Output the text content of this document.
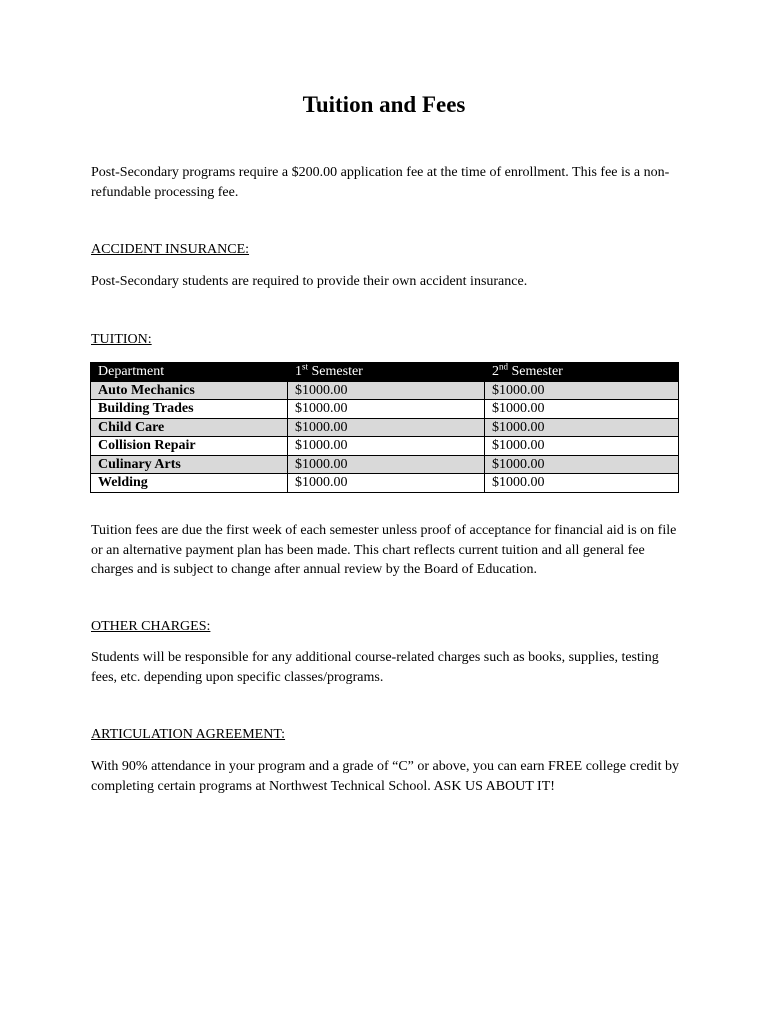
Tuition and Fees

Post-Secondary programs require a $200.00 application fee at the time of enrollment. This fee is a non-refundable processing fee.

ACCIDENT INSURANCE:

Post-Secondary students are required to provide their own accident insurance.

TUITION:

Department	1st Semester	2nd Semester
Auto Mechanics	$1000.00	$1000.00
Building Trades	$1000.00	$1000.00
Child Care	$1000.00	$1000.00
Collision Repair	$1000.00	$1000.00
Culinary Arts	$1000.00	$1000.00
Welding	$1000.00	$1000.00

Tuition fees are due the first week of each semester unless proof of acceptance for financial aid is on file or an alternative payment plan has been made. This chart reflects current tuition and all general fee charges and is subject to change after annual review by the Board of Education.

OTHER CHARGES:

Students will be responsible for any additional course-related charges such as books, supplies, testing fees, etc. depending upon specific classes/programs.

ARTICULATION AGREEMENT:

With 90% attendance in your program and a grade of “C” or above, you can earn FREE college credit by completing certain programs at Northwest Technical School. ASK US ABOUT IT!
